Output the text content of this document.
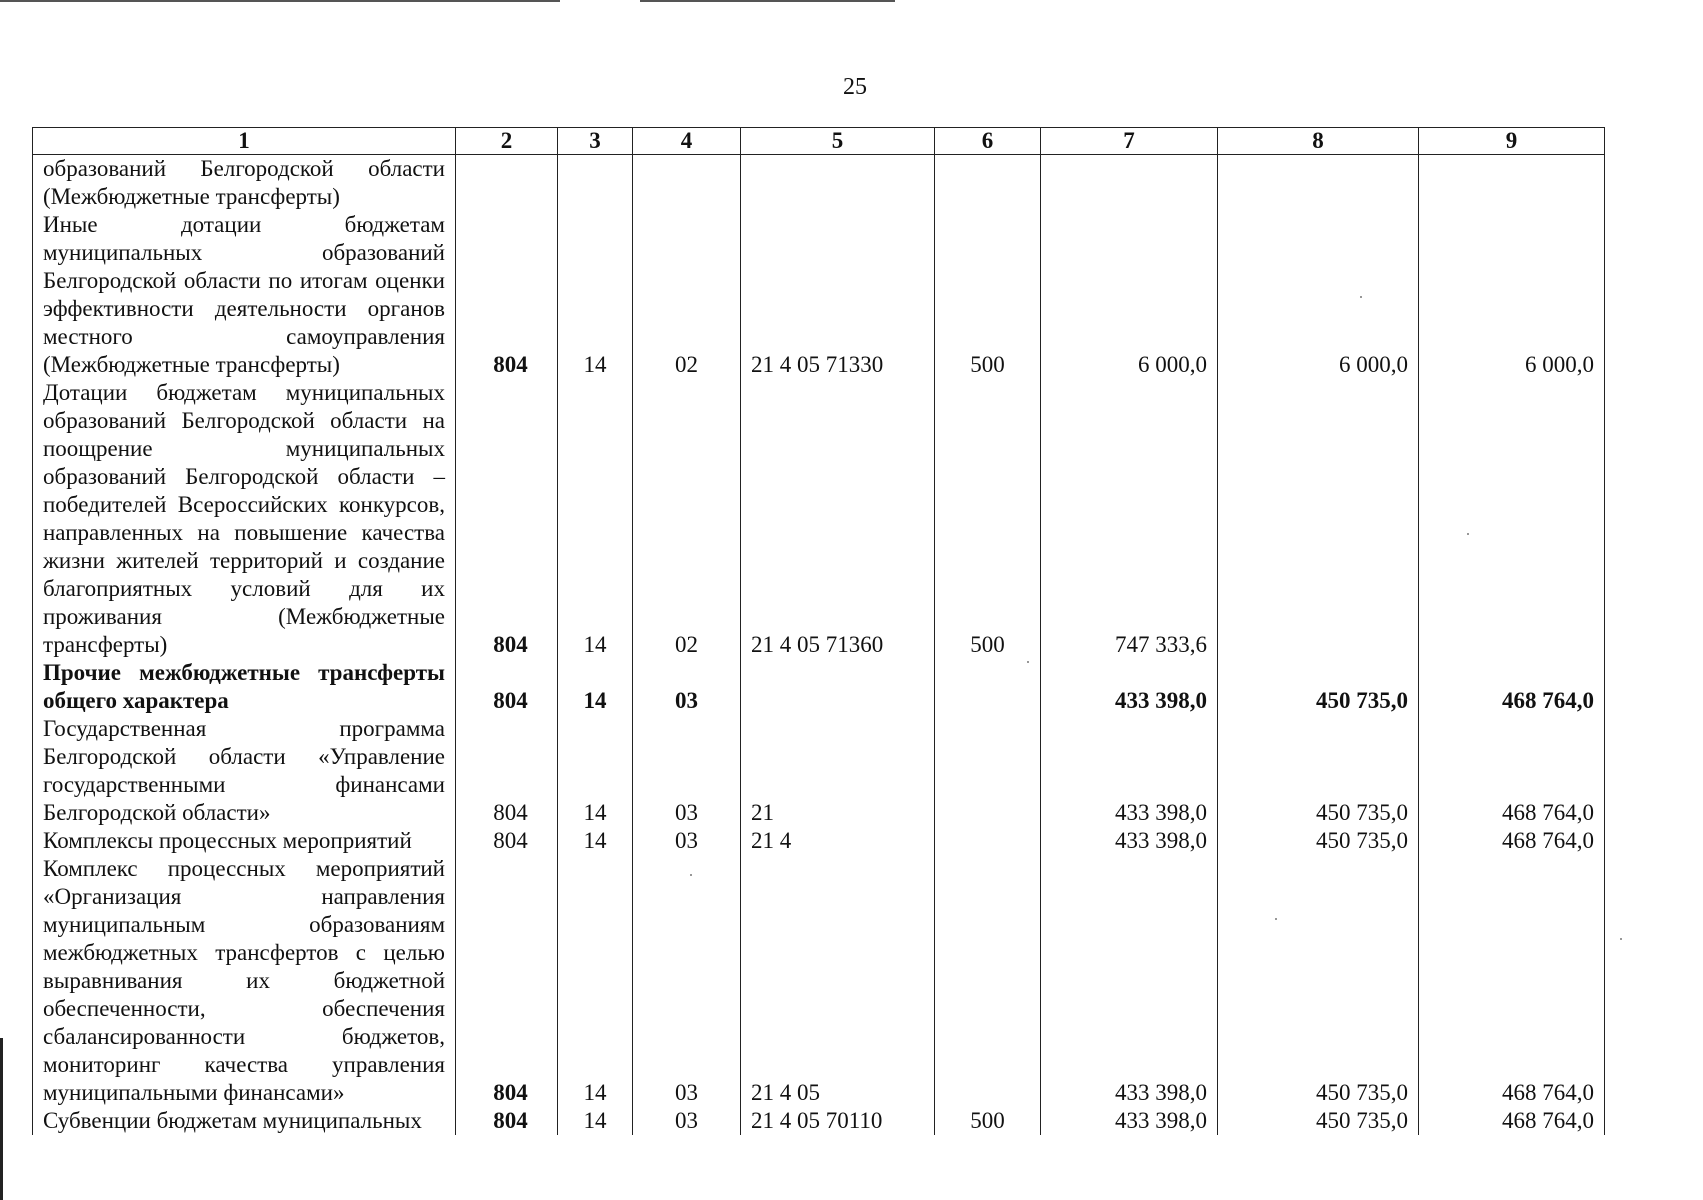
25
1	2	3	4	5	6	7	8	9
образований Белгородской области (Межбюджетные трансферты)								
Иные дотации бюджетам муниципальных образований Белгородской области по итогам оценки эффективности деятельности органов местного самоуправления (Межбюджетные трансферты)	804	14	02	21 4 05 71330	500	6 000,0	6 000,0	6 000,0
Дотации бюджетам муниципальных образований Белгородской области на поощрение муниципальных образований Белгородской области – победителей Всероссийских конкурсов, направленных на повышение качества жизни жителей территорий и создание благоприятных условий для их проживания (Межбюджетные трансферты)	804	14	02	21 4 05 71360	500	747 333,6		
Прочие межбюджетные трансферты общего характера	804	14	03			433 398,0	450 735,0	468 764,0
Государственная программа Белгородской области «Управление государственными финансами Белгородской области»	804	14	03	21		433 398,0	450 735,0	468 764,0
Комплексы процессных мероприятий	804	14	03	21 4		433 398,0	450 735,0	468 764,0
Комплекс процессных мероприятий «Организация направления муниципальным образованиям межбюджетных трансфертов с целью выравнивания их бюджетной обеспеченности, обеспечения сбалансированности бюджетов, мониторинг качества управления муниципальными финансами»	804	14	03	21 4 05		433 398,0	450 735,0	468 764,0
Субвенции бюджетам муниципальных	804	14	03	21 4 05 70110	500	433 398,0	450 735,0	468 764,0
